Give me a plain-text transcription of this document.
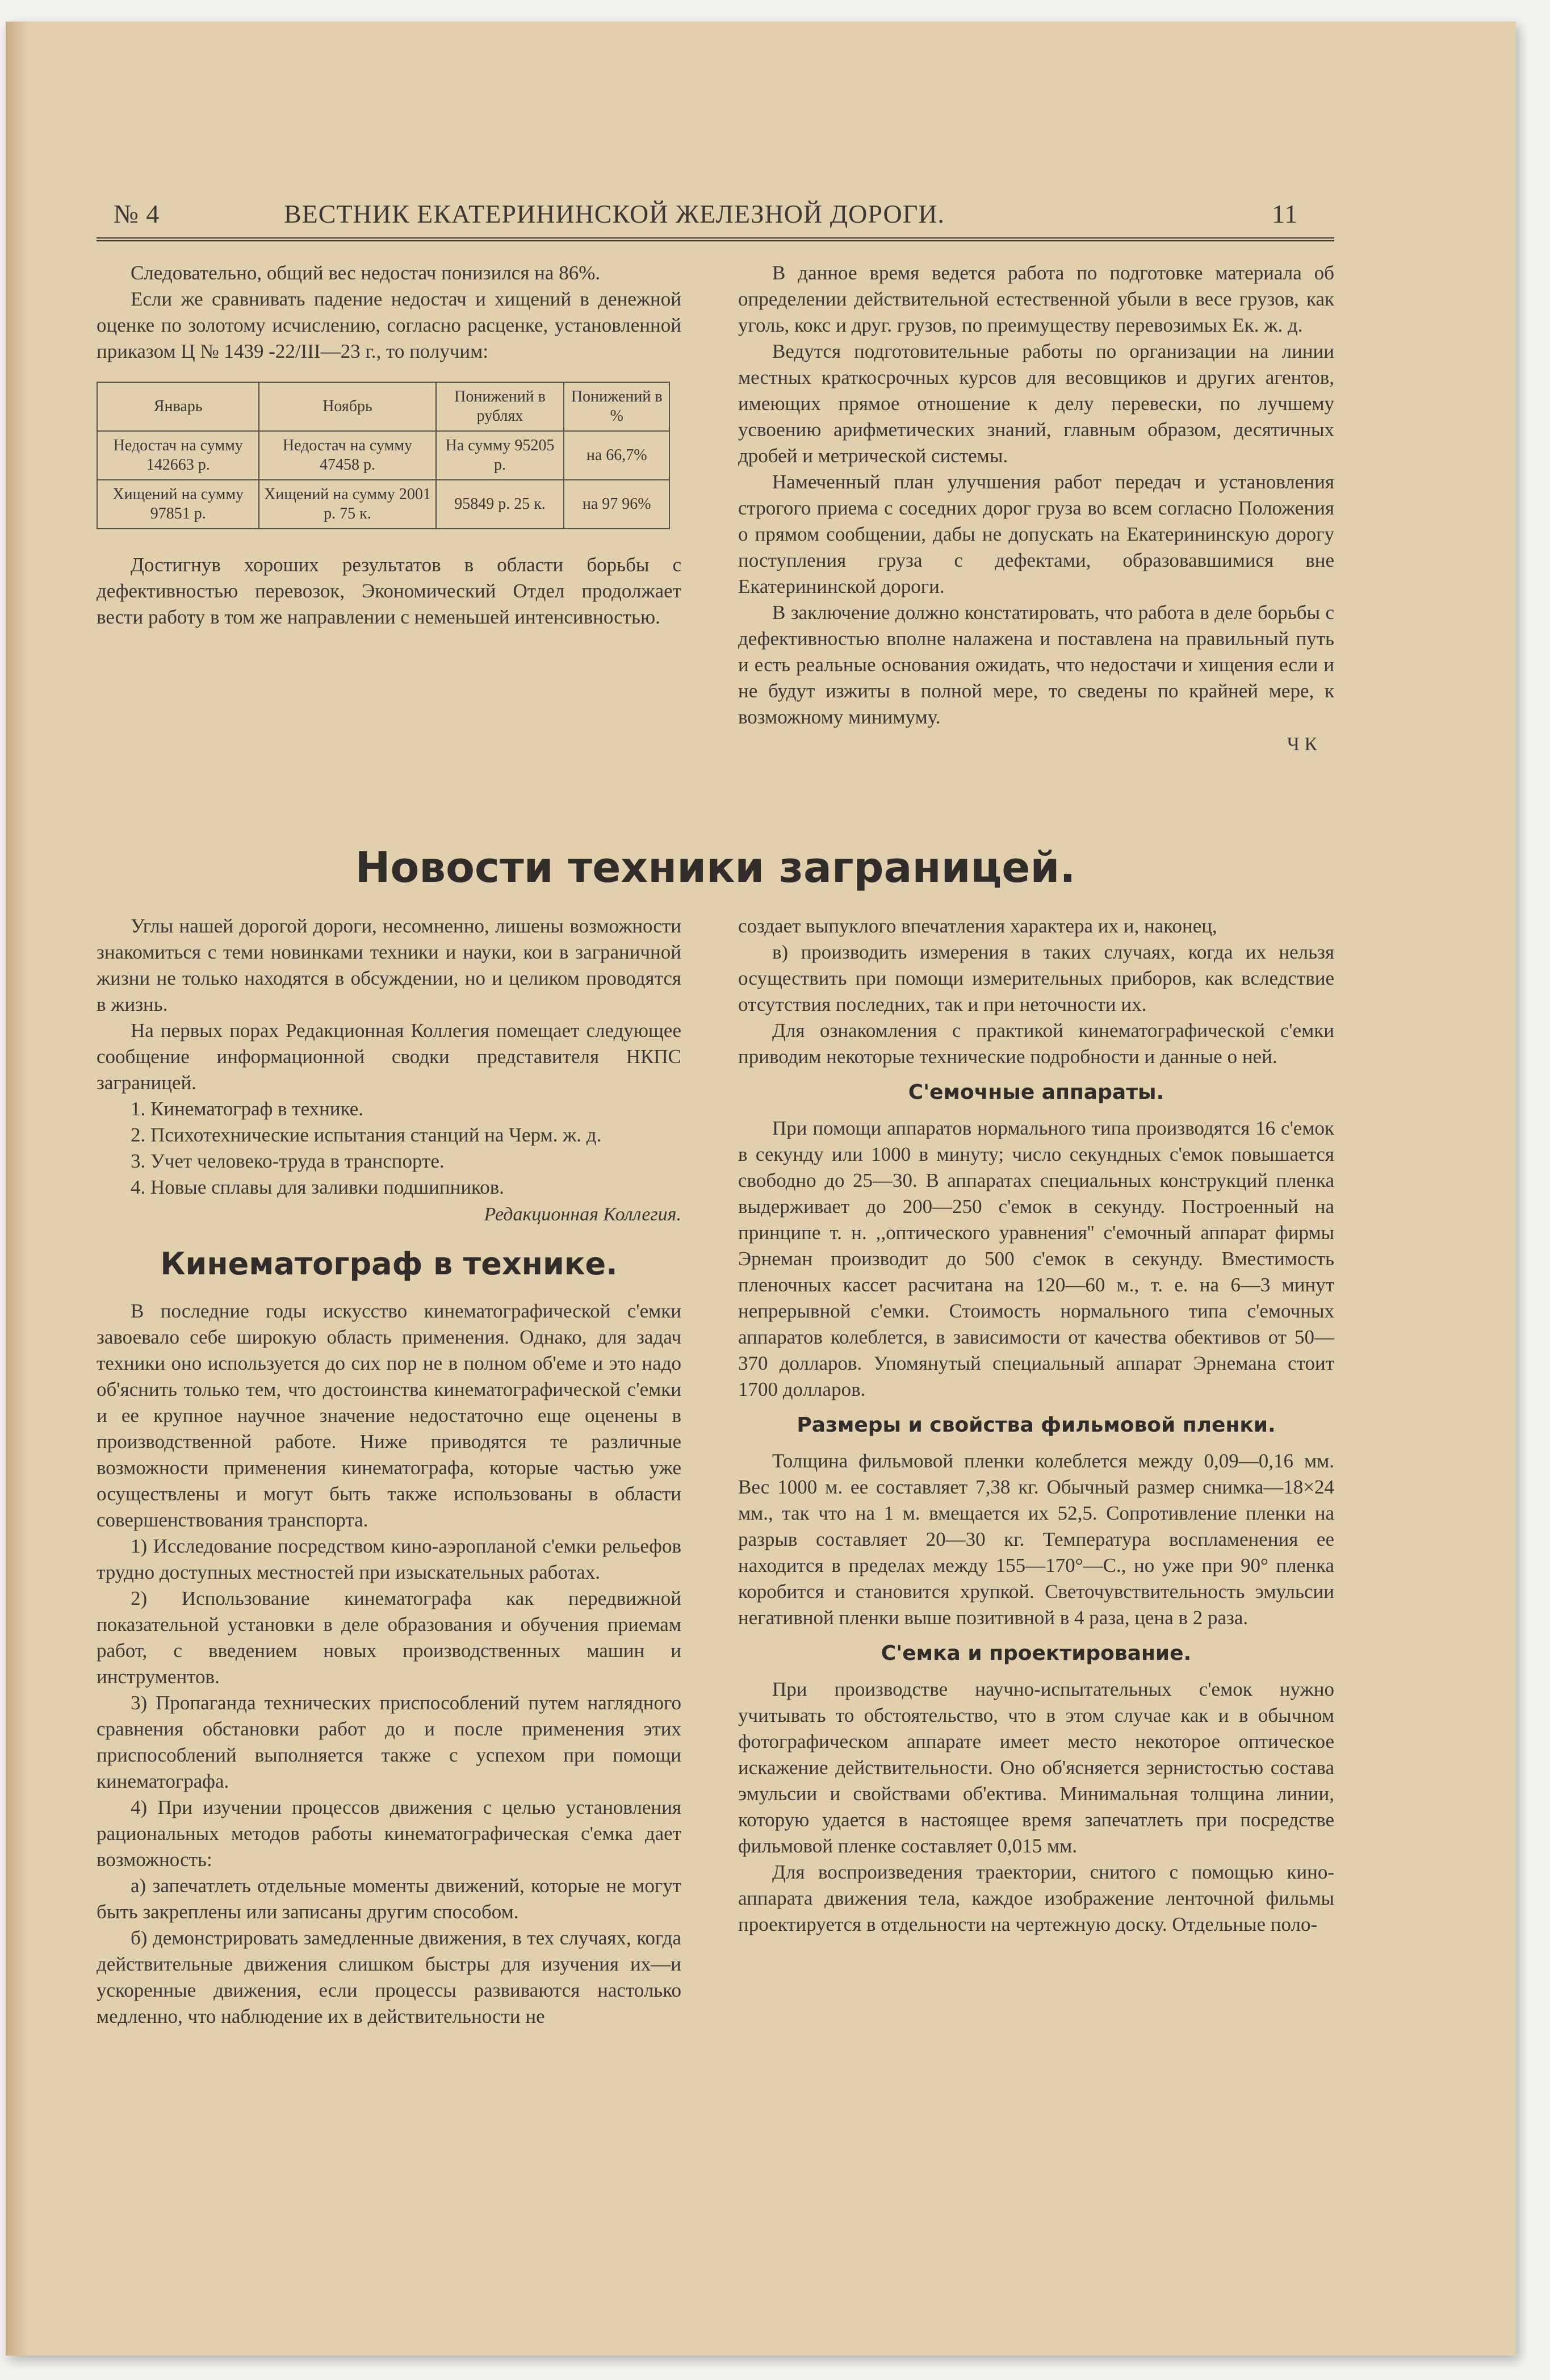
№ 4	ВЕСТНИК ЕКАТЕРИНИНСКОЙ ЖЕЛЕЗНОЙ ДОРОГИ.	11

Следовательно, общий вес недостач понизился на 86%.

Если же сравнивать падение недостач и хищений в денежной оценке по золотому исчислению, согласно расценке, установленной приказом Ц № 1439 -22/III—23 г., то получим:

Январь	Ноябрь	Понижений в рублях	Понижений в %
Недостач на сумму 142663 р.	Недостач на сумму 47458 р.	На сумму 95205 р.	на 66,7%
Хищений на сумму 97851 р.	Хищений на сумму 2001 р. 75 к.	95849 р. 25 к.	на 97 96%

Достигнув хороших результатов в области борьбы с дефективностью перевозок, Экономический Отдел продолжает вести работу в том же направлении с неменьшей интенсивностью.

В данное время ведется работа по подготовке материала об определении действительной естественной убыли в весе грузов, как уголь, кокс и друг. грузов, по преимуществу перевозимых Ек. ж. д.

Ведутся подготовительные работы по организации на линии местных краткосрочных курсов для весовщиков и других агентов, имеющих прямое отношение к делу перевески, по лучшему усвоению арифметических знаний, главным образом, десятичных дробей и метрической системы.

Намеченный план улучшения работ передач и установления строгого приема с соседних дорог груза во всем согласно Положения о прямом сообщении, дабы не допускать на Екатерининскую дорогу поступления груза с дефектами, образовавшимися вне Екатерининской дороги.

В заключение должно констатировать, что работа в деле борьбы с дефективностью вполне налажена и поставлена на правильный путь и есть реальные основания ожидать, что недостачи и хищения если и не будут изжиты в полной мере, то сведены по крайней мере, к возможному минимуму.

Ч К
Новости техники заграницей.

Углы нашей дорогой дороги, несомненно, лишены возможности знакомиться с теми новинками техники и науки, кои в заграничной жизни не только находятся в обсуждении, но и целиком проводятся в жизнь.

На первых порах Редакционная Коллегия помещает следующее сообщение информационной сводки представителя НКПС заграницей.

1. Кинематограф в технике.

2. Психотехнические испытания станций на Черм. ж. д.

3. Учет человеко-труда в транспорте.

4. Новые сплавы для заливки подшипников.

Редакционная Коллегия.
Кинематограф в технике.

В последние годы искусство кинематографической с'емки завоевало себе широкую область применения. Однако, для задач техники оно используется до сих пор не в полном об'еме и это надо об'яснить только тем, что достоинства кинематографической с'емки и ее крупное научное значение недостаточно еще оценены в производственной работе. Ниже приводятся те различные возможности применения кинематографа, которые частью уже осуществлены и могут быть также использованы в области совершенствования транспорта.

1) Исследование посредством кино-аэропланой с'емки рельефов трудно доступных местностей при изыскательных работах.

2) Использование кинематографа как передвижной показательной установки в деле образования и обучения приемам работ, с введением новых производственных машин и инструментов.

3) Пропаганда технических приспособлений путем наглядного сравнения обстановки работ до и после применения этих приспособлений выполняется также с успехом при помощи кинематографа.

4) При изучении процессов движения с целью установления рациональных методов работы кинематографическая с'емка дает возможность:

а) запечатлеть отдельные моменты движений, которые не могут быть закреплены или записаны другим способом.

б) демонстрировать замедленные движения, в тех случаях, когда действительные движения слишком быстры для изучения их—и ускоренные движения, если процессы развиваются настолько медленно, что наблюдение их в действительности не

создает выпуклого впечатления характера их и, наконец,

в) производить измерения в таких случаях, когда их нельзя осуществить при помощи измерительных приборов, как вследствие отсутствия последних, так и при неточности их.

Для ознакомления с практикой кинематографической с'емки приводим некоторые технические подробности и данные о ней.

С'емочные аппараты.

При помощи аппаратов нормального типа производятся 16 с'емок в секунду или 1000 в минуту; число секундных с'емок повышается свободно до 25—30. В аппаратах специальных конструкций пленка выдерживает до 200—250 с'емок в секунду. Построенный на принципе т. н. ,,оптического уравнения'' с'емочный аппарат фирмы Эрнеман производит до 500 с'емок в секунду. Вместимость пленочных кассет расчитана на 120—60 м., т. е. на 6—3 минут непрерывной с'емки. Стоимость нормального типа с'емочных аппаратов колеблется, в зависимости от качества обективов от 50—370 долларов. Упомянутый специальный аппарат Эрнемана стоит 1700 долларов.

Размеры и свойства фильмовой пленки.

Толщина фильмовой пленки колеблется между 0,09—0,16 мм. Вес 1000 м. ее составляет 7,38 кг. Обычный размер снимка—18×24 мм., так что на 1 м. вмещается их 52,5. Сопротивление пленки на разрыв составляет 20—30 кг. Температура воспламенения ее находится в пределах между 155—170°—С., но уже при 90° пленка коробится и становится хрупкой. Светочувствительность эмульсии негативной пленки выше позитивной в 4 раза, цена в 2 раза.

С'емка и проектирование.

При производстве научно-испытательных с'емок нужно учитывать то обстоятельство, что в этом случае как и в обычном фотографическом аппарате имеет место некоторое оптическое искажение действительности. Оно об'ясняется зернистостью состава эмульсии и свойствами об'ектива. Минимальная толщина линии, которую удается в настоящее время запечатлеть при посредстве фильмовой пленке составляет 0,015 мм.

Для воспроизведения траектории, снитого с помощью кино-аппарата движения тела, каждое изображение ленточной фильмы проектируется в отдельности на чертежную доску. Отдельные поло-
